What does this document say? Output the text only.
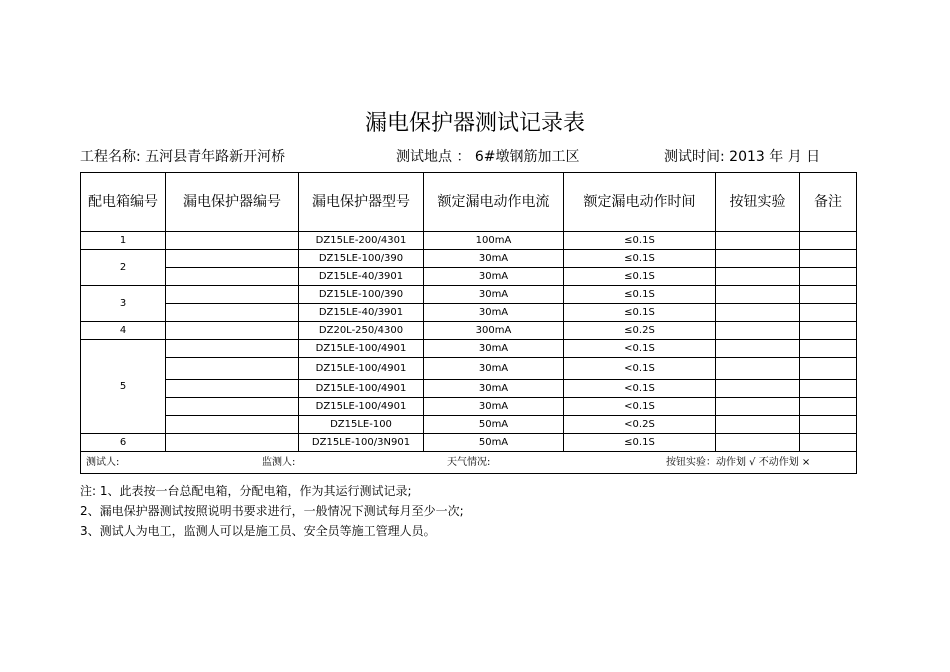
漏电保护器测试记录表
工程名称: 五河县青年路新开河桥	测试地点 ： 6#墩钢筋加工区	测试时间: 2013 年 月 日
配电箱编号	漏电保护器编号	漏电保护器型号	额定漏电动作电流	额定漏电动作时间	按钮实验	备注
1		DZ15LE-200/4301	100mA	≤0.1S		
2		DZ15LE-100/390	30mA	≤0.1S		
		DZ15LE-40/3901	30mA	≤0.1S		
3		DZ15LE-100/390	30mA	≤0.1S		
		DZ15LE-40/3901	30mA	≤0.1S		
4		DZ20L-250/4300	300mA	≤0.2S		
5		DZ15LE-100/4901	30mA	<0.1S		
		DZ15LE-100/4901	30mA	<0.1S		
		DZ15LE-100/4901	30mA	<0.1S		
		DZ15LE-100/4901	30mA	<0.1S		
		DZ15LE-100	50mA	<0.2S		
6		DZ15LE-100/3N901	50mA	≤0.1S		

测试人: 监测人: 天气情况: 按钮实验：动作划 √ 不动作划 ×						
注: 1、此表按一台总配电箱，分配电箱，作为其运行测试记录;
2、漏电保护器测试按照说明书要求进行，一般情况下测试每月至少一次;
3、测试人为电工，监测人可以是施工员、安全员等施工管理人员。
